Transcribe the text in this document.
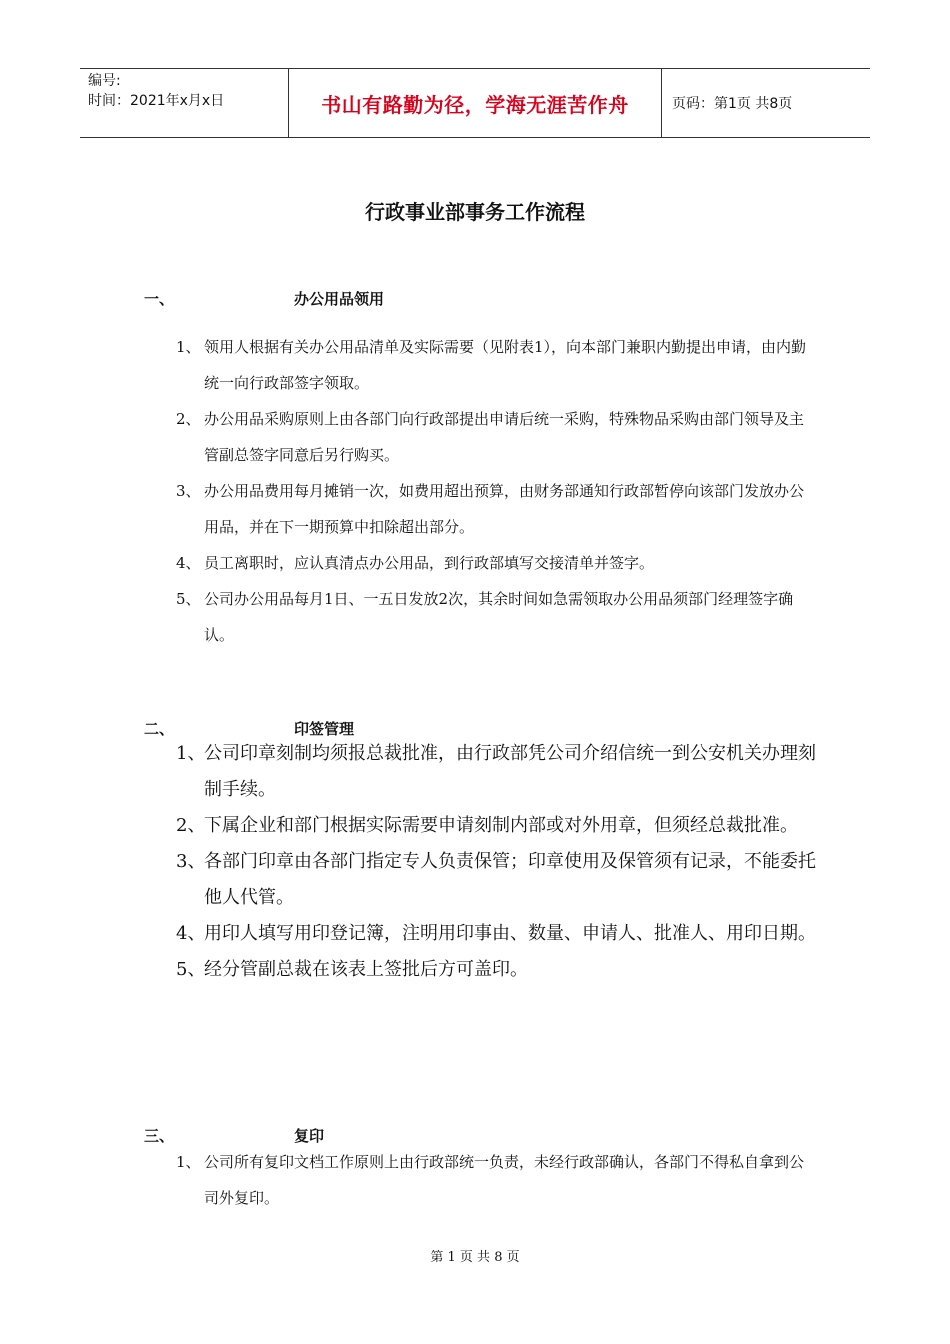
编号:
时间：2021年x月x日	书山有路勤为径，学海无涯苦作舟	页码：第1页 共8页
行政事业部事务工作流程
一、	办公用品领用
1、 领用人根据有关办公用品清单及实际需要（见附表1），向本部门兼职内勤提出申请，由内勤统一向行政部签字领取。
2、 办公用品采购原则上由各部门向行政部提出申请后统一采购，特殊物品采购由部门领导及主管副总签字同意后另行购买。
3、 办公用品费用每月摊销一次，如费用超出预算，由财务部通知行政部暂停向该部门发放办公用品，并在下一期预算中扣除超出部分。
4、 员工离职时，应认真清点办公用品，到行政部填写交接清单并签字。
5、 公司办公用品每月1日、一五日发放2次，其余时间如急需领取办公用品须部门经理签字确认。
二、	印签管理
1、
公司印章刻制均须报总裁批准，由行政部凭公司介绍信统一到公安机关办理刻制手续。
2、
下属企业和部门根据实际需要申请刻制内部或对外用章，但须经总裁批准。
3、
各部门印章由各部门指定专人负责保管；印章使用及保管须有记录，不能委托他人代管。
4、
用印人填写用印登记簿，注明用印事由、数量、申请人、批准人、用印日期。
5、
经分管副总裁在该表上签批后方可盖印。
三、	复印
1、 公司所有复印文档工作原则上由行政部统一负责，未经行政部确认，各部门不得私自拿到公司外复印。
第 1 页 共 8 页
